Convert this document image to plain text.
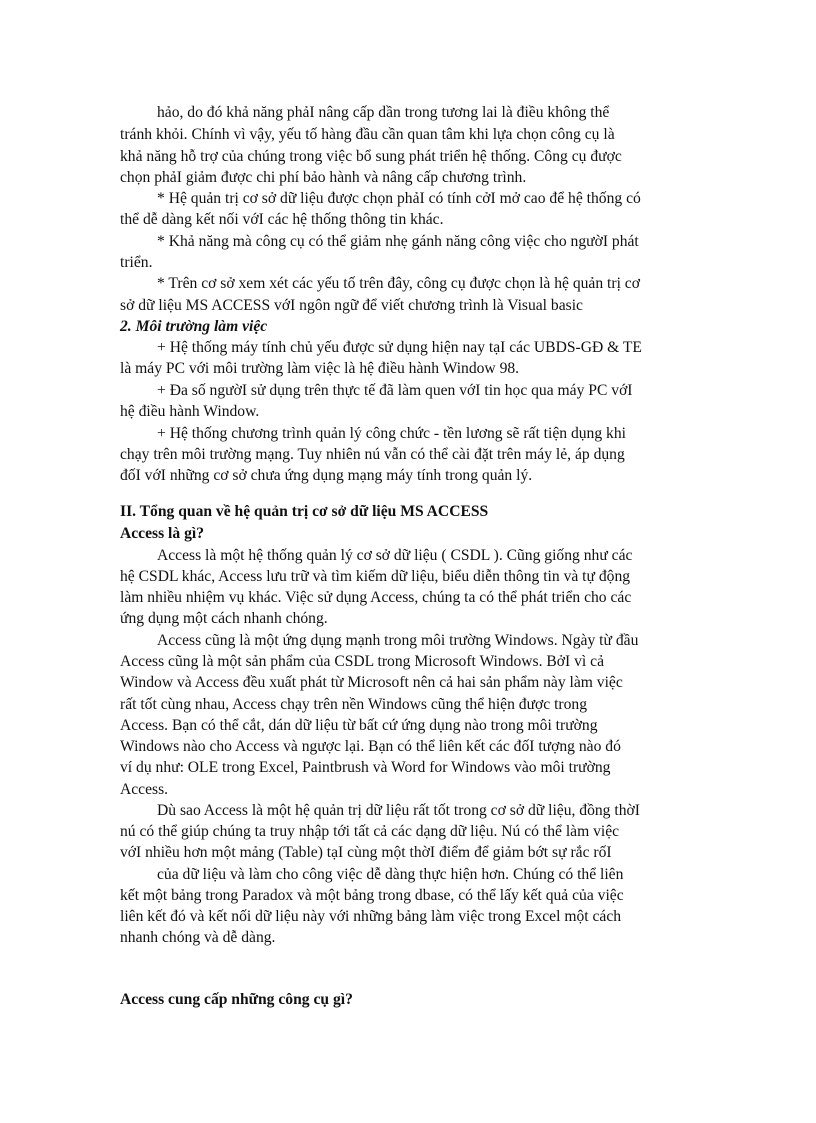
hảo, do đó khả năng phảI nâng cấp dần trong tương lai là điều không thể
tránh khỏi. Chính vì vậy, yếu tố hàng đầu cần quan tâm khi lựa chọn công cụ là
khả năng hỗ trợ của chúng trong việc bổ sung phát triển hệ thống. Công cụ được
chọn phảI giảm được chi phí bảo hành và nâng cấp chương trình.
* Hệ quản trị cơ sở dữ liệu được chọn phảI có tính cởI mở cao để hệ thống có
thể dễ dàng kết nối vớI các hệ thống thông tin khác.
* Khả năng mà công cụ có thể giảm nhẹ gánh năng công việc cho ngườI phát
triển.
* Trên cơ sở xem xét các yếu tố trên đây, công cụ được chọn là hệ quản trị cơ
sở dữ liệu MS ACCESS vớI ngôn ngữ để viết chương trình là Visual basic
2. Môi trường làm việc
+ Hệ thống máy tính chủ yếu được sử dụng hiện nay tạI các UBDS-GĐ & TE
là máy PC với môi trường làm việc là hệ điều hành Window 98.
+ Đa số ngườI sử dụng trên thực tế đã làm quen vớI tin học qua máy PC vớI
hệ điều hành Window.
+ Hệ thống chương trình quản lý công chức - tền lương sẽ rất tiện dụng khi
chạy trên môi trường mạng. Tuy nhiên nú vẫn có thể cài đặt trên máy lẻ, áp dụng
đốI vớI những cơ sở chưa ứng dụng mạng máy tính trong quản lý.
II. Tổng quan về hệ quản trị cơ sở dữ liệu MS ACCESS
Access là gì?
Access là một hệ thống quản lý cơ sở dữ liệu ( CSDL ). Cũng giống như các
hệ CSDL khác, Access lưu trữ và tìm kiếm dữ liệu, biểu diễn thông tin và tự động
làm nhiều nhiệm vụ khác. Việc sử dụng Access, chúng ta có thể phát triển cho các
ứng dụng một cách nhanh chóng.
Access cũng là một ứng dụng mạnh trong môi trường Windows. Ngày từ đầu
Access cũng là một sản phẩm của CSDL trong Microsoft Windows. BởI vì cả
Window và Access đều xuất phát từ Microsoft nên cả hai sản phẩm này làm việc
rất tốt cùng nhau, Access chạy trên nền Windows cũng thể hiện được trong
Access. Bạn có thể cắt, dán dữ liệu từ bất cứ ứng dụng nào trong môi trường
Windows nào cho Access và ngược lại. Bạn có thể liên kết các đốI tượng nào đó
ví dụ như: OLE trong Excel, Paintbrush và Word for Windows vào môi trường
Access.
Dù sao Access là một hệ quản trị dữ liệu rất tốt trong cơ sở dữ liệu, đồng thờI
nú có thể giúp chúng ta truy nhập tới tất cả các dạng dữ liệu. Nú có thể làm việc
vớI nhiều hơn một mảng (Table) tạI cùng một thờI điểm để giảm bớt sự rắc rốI
của dữ liệu và làm cho công việc dễ dàng thực hiện hơn. Chúng có thể liên
kết một bảng trong Paradox và một bảng trong dbase, có thể lấy kết quả của việc
liên kết đó và kết nối dữ liệu này với những bảng làm việc trong Excel một cách
nhanh chóng và dễ dàng.
Access cung cấp những công cụ gì?
